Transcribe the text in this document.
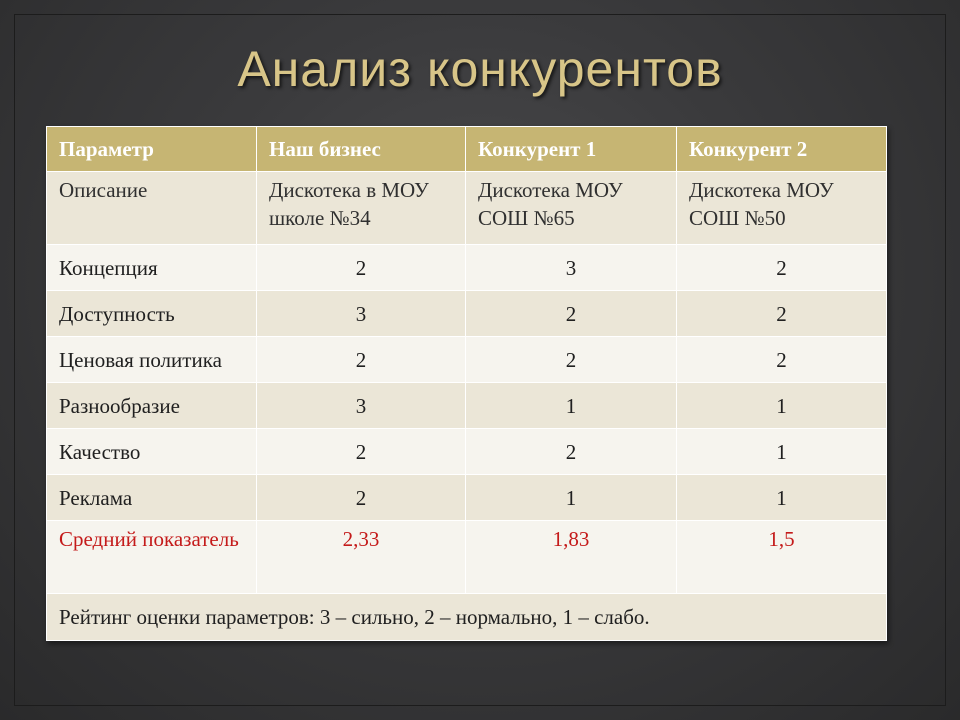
Анализ конкурентов
Параметр	Наш бизнес	Конкурент 1	Конкурент 2
Описание	Дискотека в МОУ школе №34	Дискотека МОУ СОШ №65	Дискотека МОУ СОШ №50
Концепция	2	3	2
Доступность	3	2	2
Ценовая политика	2	2	2
Разнообразие	3	1	1
Качество	2	2	1
Реклама	2	1	1
Средний показатель	2,33	1,83	1,5
Рейтинг оценки параметров: 3 – сильно, 2 – нормально, 1 – слабо.			
